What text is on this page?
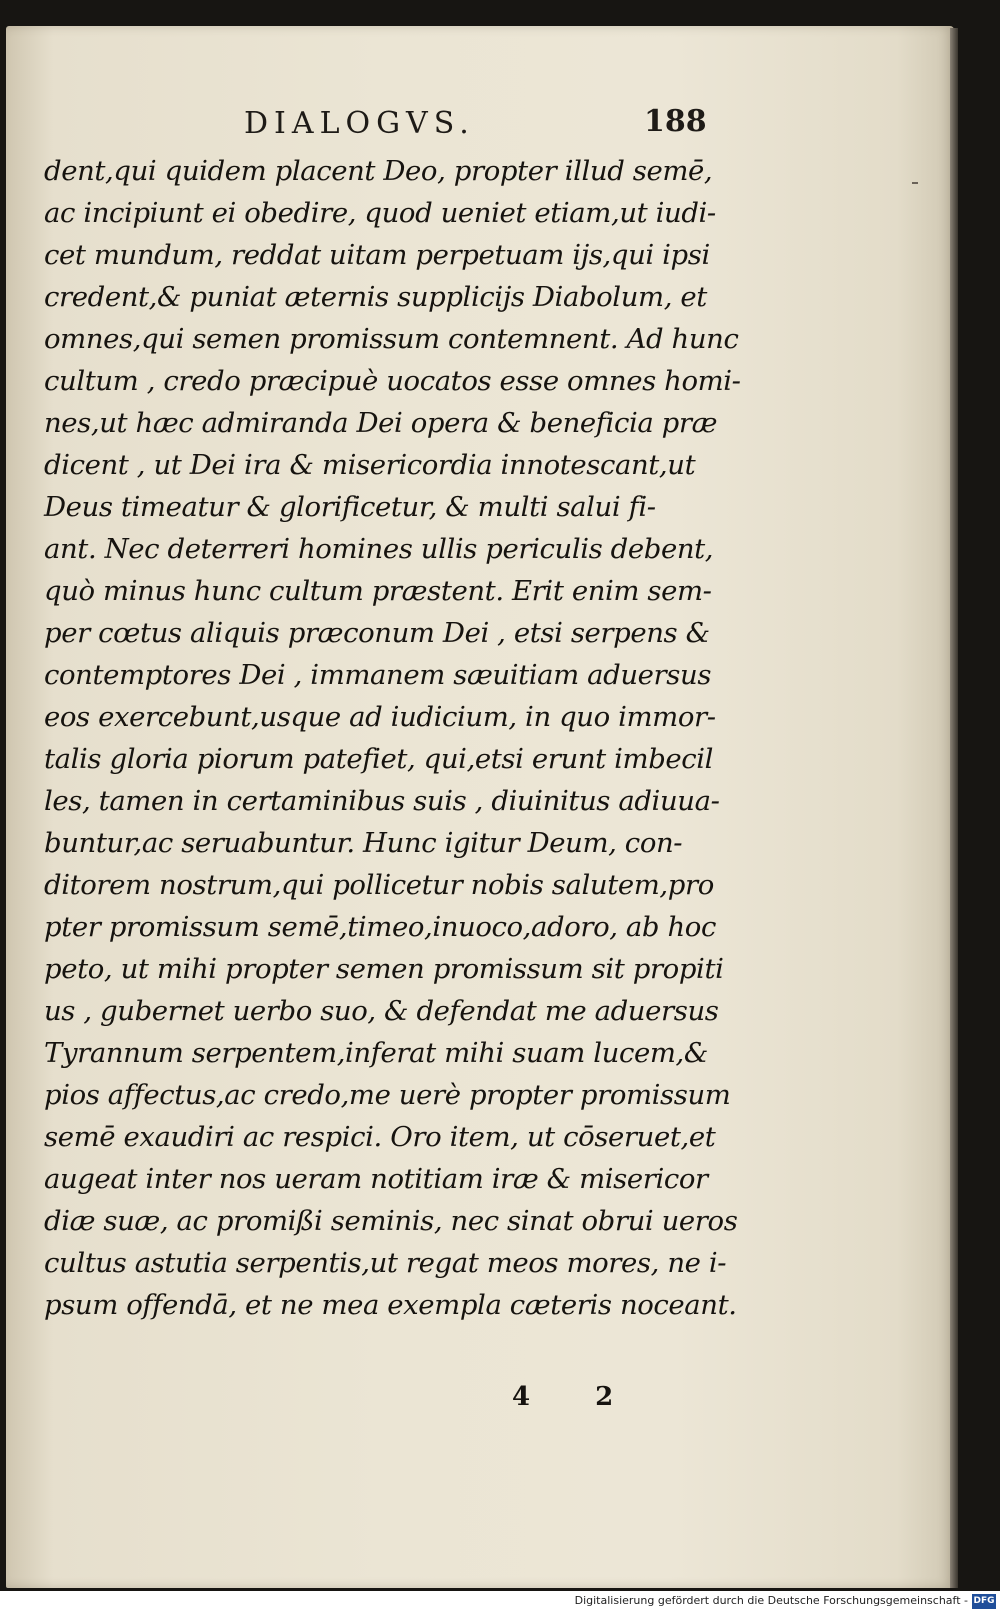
DIALOGVS.	188
dent,qui quidem placent Deo, propter illud semē,
ac incipiunt ei obedire, quod ueniet etiam,ut iudi-
cet mundum, reddat uitam perpetuam ijs,qui ipsi
credent,& puniat æternis supplicijs Diabolum, et
omnes,qui semen promissum contemnent. Ad hunc
cultum , credo præcipuè uocatos esse omnes homi-
nes,ut hæc admiranda Dei opera & beneficia præ
dicent , ut Dei ira & misericordia innotescant,ut
Deus timeatur & glorificetur, & multi salui fi-
ant. Nec deterreri homines ullis periculis debent,
quò minus hunc cultum præstent. Erit enim sem-
per cœtus aliquis præconum Dei , etsi serpens &
contemptores Dei , immanem sæuitiam aduersus
eos exercebunt,usque ad iudicium, in quo immor-
talis gloria piorum patefiet, qui,etsi erunt imbecil
les, tamen in certaminibus suis , diuinitus adiuua-
buntur,ac seruabuntur. Hunc igitur Deum, con-
ditorem nostrum,qui pollicetur nobis salutem,pro
pter promissum semē,timeo,inuoco,adoro, ab hoc
peto, ut mihi propter semen promissum sit propiti
us , gubernet uerbo suo, & defendat me aduersus
Tyrannum serpentem,inferat mihi suam lucem,&
pios affectus,ac credo,me uerè propter promissum
semē exaudiri ac respici. Oro item, ut cōseruet,et
augeat inter nos ueram notitiam iræ & misericor
diæ suæ, ac promißi seminis, nec sinat obrui ueros
cultus astutia serpentis,ut regat meos mores, ne i-
psum offendā, et ne mea exempla cæteris noceant.
4 2
Digitalisierung gefördert durch die Deutsche Forschungsgemeinschaft - DFG
